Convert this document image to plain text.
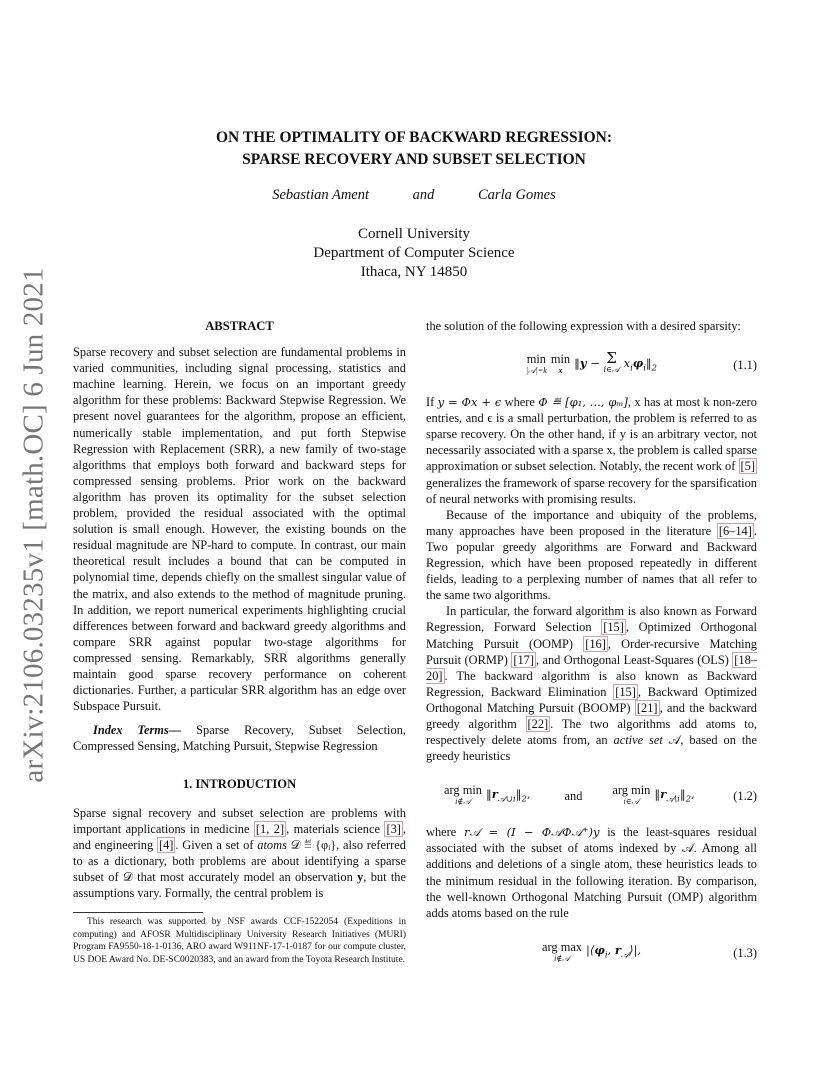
arXiv:2106.03235v1 [math.OC] 6 Jun 2021
ON THE OPTIMALITY OF BACKWARD REGRESSION:
SPARSE RECOVERY AND SUBSET SELECTION
Sebastian Ament	and	Carla Gomes
Cornell University
Department of Computer Science
Ithaca, NY 14850
ABSTRACT

Sparse recovery and subset selection are fundamental problems in varied communities, including signal processing, statistics and machine learning. Herein, we focus on an important greedy algorithm for these problems: Backward Stepwise Regression. We present novel guarantees for the algorithm, propose an efficient, numerically stable implementation, and put forth Stepwise Regression with Replacement (SRR), a new family of two-stage algorithms that employs both forward and backward steps for compressed sensing problems. Prior work on the backward algorithm has proven its optimality for the subset selection problem, provided the residual associated with the optimal solution is small enough. However, the existing bounds on the residual magnitude are NP-hard to compute. In contrast, our main theoretical result includes a bound that can be computed in polynomial time, depends chiefly on the smallest singular value of the matrix, and also extends to the method of magnitude pruning. In addition, we report numerical experiments highlighting crucial differences between forward and backward greedy algorithms and compare SRR against popular two-stage algorithms for compressed sensing. Remarkably, SRR algorithms generally maintain good sparse recovery performance on coherent dictionaries. Further, a particular SRR algorithm has an edge over Subspace Pursuit.

Index Terms— Sparse Recovery, Subset Selection, Compressed Sensing, Matching Pursuit, Stepwise Regression

1. INTRODUCTION

Sparse signal recovery and subset selection are problems with important applications in medicine [1, 2] , materials science [3] , and engineering [4] . Given a set of atoms 𝒟 ≝ {φᵢ}, also referred to as a dictionary, both problems are about identifying a sparse subset of 𝒟 that most accurately model an observation y, but the assumptions vary. Formally, the central problem is

This research was supported by NSF awards CCF-1522054 (Expeditions in computing) and AFOSR Multidisciplinary University Research Initiatives (MURI) Program FA9550-18-1-0136, ARO award W911NF-17-1-0187 for our compute cluster, US DOE Award No. DE-SC0020383, and an award from the Toyota Research Institute.

the solution of the following expression with a desired sparsity:

min
|𝒜|=k
min
x
‖y − Σ
i∈𝒜 $x_i\varphi_i‖_2$	(1.1)

If y = Φx + ϵ where Φ ≝ [φ₁, ..., φₘ], x has at most k non-zero entries, and ϵ is a small perturbation, the problem is referred to as sparse recovery. On the other hand, if y is an arbitrary vector, not necessarily associated with a sparse x, the problem is called sparse approximation or subset selection. Notably, the recent work of [5] generalizes the framework of sparse recovery for the sparsification of neural networks with promising results.

Because of the importance and ubiquity of the problems, many approaches have been proposed in the literature [6–14] . Two popular greedy algorithms are Forward and Backward Regression, which have been proposed repeatedly in different fields, leading to a perplexing number of names that all refer to the same two algorithms.

In particular, the forward algorithm is also known as Forward Regression, Forward Selection [15] , Optimized Orthogonal Matching Pursuit (OOMP) [16] , Order-recursive Matching Pursuit (ORMP) [17] , and Orthogonal Least-Squares (OLS) [18–20] . The backward algorithm is also known as Backward Regression, Backward Elimination [15] , Backward Optimized Orthogonal Matching Pursuit (BOOMP) [21] , and the backward greedy algorithm [22] . The two algorithms add atoms to, respectively delete atoms from, an active set 𝒜, based on the greedy heuristics

arg min
i∉𝒜
$‖r_{𝒜\cup i}‖_2$,	and arg min
i∈𝒜
$‖r_{𝒜\backslash i}‖_2$,	(1.2)

where r𝒜 = (I − Φ𝒜Φ𝒜⁺)y is the least-squares residual associated with the subset of atoms indexed by 𝒜. Among all additions and deletions of a single atom, these heuristics leads to the minimum residual in the following iteration. By comparison, the well-known Orthogonal Matching Pursuit (OMP) algorithm adds atoms based on the rule

arg max
i∉𝒜
$|⟨\varphi_i$, $r_𝒜⟩|$,	(1.3)
